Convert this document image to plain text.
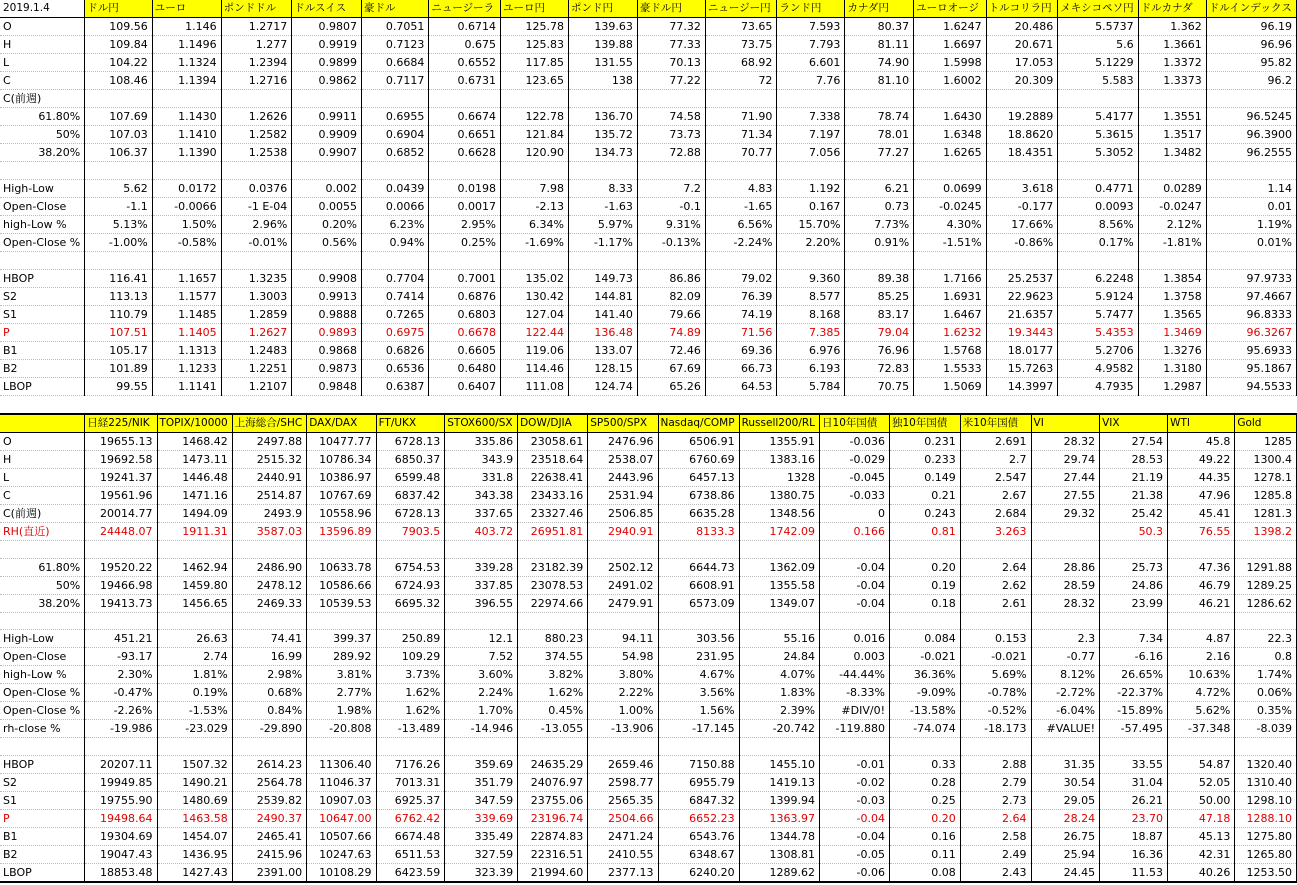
2019.1.4	ドル円	ユーロ	ポンドドル	ドルスイス	豪ドル	ニュージーラ	ユーロ円	ポンド円	豪ドル円	ニュージー円	ランド円	カナダ円	ユーロオージ	トルコリラ円	メキシコペソ円	ドルカナダ	ドルインデックス
O	109.56	1.146	1.2717	0.9807	0.7051	0.6714	125.78	139.63	77.32	73.65	7.593	80.37	1.6247	20.486	5.5737	1.362	96.19
H	109.84	1.1496	1.277	0.9919	0.7123	0.675	125.83	139.88	77.33	73.75	7.793	81.11	1.6697	20.671	5.6	1.3661	96.96
L	104.22	1.1324	1.2394	0.9899	0.6684	0.6552	117.85	131.55	70.13	68.92	6.601	74.90	1.5998	17.053	5.1229	1.3372	95.82
C	108.46	1.1394	1.2716	0.9862	0.7117	0.6731	123.65	138	77.22	72	7.76	81.10	1.6002	20.309	5.583	1.3373	96.2
C(前週)																	
61.80%	107.69	1.1430	1.2626	0.9911	0.6955	0.6674	122.78	136.70	74.58	71.90	7.338	78.74	1.6430	19.2889	5.4177	1.3551	96.5245
50%	107.03	1.1410	1.2582	0.9909	0.6904	0.6651	121.84	135.72	73.73	71.34	7.197	78.01	1.6348	18.8620	5.3615	1.3517	96.3900
38.20%	106.37	1.1390	1.2538	0.9907	0.6852	0.6628	120.90	134.73	72.88	70.77	7.056	77.27	1.6265	18.4351	5.3052	1.3482	96.2555

High-Low	5.62	0.0172	0.0376	0.002	0.0439	0.0198	7.98	8.33	7.2	4.83	1.192	6.21	0.0699	3.618	0.4771	0.0289	1.14
Open-Close	-1.1	-0.0066	-1 E-04	0.0055	0.0066	0.0017	-2.13	-1.63	-0.1	-1.65	0.167	0.73	-0.0245	-0.177	0.0093	-0.0247	0.01
high-Low %	5.13%	1.50%	2.96%	0.20%	6.23%	2.95%	6.34%	5.97%	9.31%	6.56%	15.70%	7.73%	4.30%	17.66%	8.56%	2.12%	1.19%
Open-Close %	-1.00%	-0.58%	-0.01%	0.56%	0.94%	0.25%	-1.69%	-1.17%	-0.13%	-2.24%	2.20%	0.91%	-1.51%	-0.86%	0.17%	-1.81%	0.01%

HBOP	116.41	1.1657	1.3235	0.9908	0.7704	0.7001	135.02	149.73	86.86	79.02	9.360	89.38	1.7166	25.2537	6.2248	1.3854	97.9733
S2	113.13	1.1577	1.3003	0.9913	0.7414	0.6876	130.42	144.81	82.09	76.39	8.577	85.25	1.6931	22.9623	5.9124	1.3758	97.4667
S1	110.79	1.1485	1.2859	0.9888	0.7265	0.6803	127.04	141.40	79.66	74.19	8.168	83.17	1.6467	21.6357	5.7477	1.3565	96.8333
P	107.51	1.1405	1.2627	0.9893	0.6975	0.6678	122.44	136.48	74.89	71.56	7.385	79.04	1.6232	19.3443	5.4353	1.3469	96.3267
B1	105.17	1.1313	1.2483	0.9868	0.6826	0.6605	119.06	133.07	72.46	69.36	6.976	76.96	1.5768	18.0177	5.2706	1.3276	95.6933
B2	101.89	1.1233	1.2251	0.9873	0.6536	0.6480	114.46	128.15	67.69	66.73	6.193	72.83	1.5533	15.7263	4.9582	1.3180	95.1867
LBOP	99.55	1.1141	1.2107	0.9848	0.6387	0.6407	111.08	124.74	65.26	64.53	5.784	70.75	1.5069	14.3997	4.7935	1.2987	94.5533
	日経225/NIK	TOPIX/10000	上海総合/SHC	DAX/DAX	FT/UKX	STOX600/SX	DOW/DJIA	SP500/SPX	Nasdaq/COMP	Russell200/RL	日10年国債	独10年国債	米10年国債	VI	VIX	WTI	Gold
O	19655.13	1468.42	2497.88	10477.77	6728.13	335.86	23058.61	2476.96	6506.91	1355.91	-0.036	0.231	2.691	28.32	27.54	45.8	1285
H	19692.58	1473.11	2515.32	10786.34	6850.37	343.9	23518.64	2538.07	6760.69	1383.16	-0.029	0.233	2.7	29.74	28.53	49.22	1300.4
L	19241.37	1446.48	2440.91	10386.97	6599.48	331.8	22638.41	2443.96	6457.13	1328	-0.045	0.149	2.547	27.44	21.19	44.35	1278.1
C	19561.96	1471.16	2514.87	10767.69	6837.42	343.38	23433.16	2531.94	6738.86	1380.75	-0.033	0.21	2.67	27.55	21.38	47.96	1285.8
C(前週)	20014.77	1494.09	2493.9	10558.96	6728.13	337.65	23327.46	2506.85	6635.28	1348.56	0	0.243	2.684	29.32	25.42	45.41	1281.3
RH(直近)	24448.07	1911.31	3587.03	13596.89	7903.5	403.72	26951.81	2940.91	8133.3	1742.09	0.166	0.81	3.263		50.3	76.55	1398.2

61.80%	19520.22	1462.94	2486.90	10633.78	6754.53	339.28	23182.39	2502.12	6644.73	1362.09	-0.04	0.20	2.64	28.86	25.73	47.36	1291.88
50%	19466.98	1459.80	2478.12	10586.66	6724.93	337.85	23078.53	2491.02	6608.91	1355.58	-0.04	0.19	2.62	28.59	24.86	46.79	1289.25
38.20%	19413.73	1456.65	2469.33	10539.53	6695.32	396.55	22974.66	2479.91	6573.09	1349.07	-0.04	0.18	2.61	28.32	23.99	46.21	1286.62

High-Low	451.21	26.63	74.41	399.37	250.89	12.1	880.23	94.11	303.56	55.16	0.016	0.084	0.153	2.3	7.34	4.87	22.3
Open-Close	-93.17	2.74	16.99	289.92	109.29	7.52	374.55	54.98	231.95	24.84	0.003	-0.021	-0.021	-0.77	-6.16	2.16	0.8
high-Low %	2.30%	1.81%	2.98%	3.81%	3.73%	3.60%	3.82%	3.80%	4.67%	4.07%	-44.44%	36.36%	5.69%	8.12%	26.65%	10.63%	1.74%
Open-Close %	-0.47%	0.19%	0.68%	2.77%	1.62%	2.24%	1.62%	2.22%	3.56%	1.83%	-8.33%	-9.09%	-0.78%	-2.72%	-22.37%	4.72%	0.06%
Open-Close %	-2.26%	-1.53%	0.84%	1.98%	1.62%	1.70%	0.45%	1.00%	1.56%	2.39%	#DIV/0!	-13.58%	-0.52%	-6.04%	-15.89%	5.62%	0.35%
rh-close %	-19.986	-23.029	-29.890	-20.808	-13.489	-14.946	-13.055	-13.906	-17.145	-20.742	-119.880	-74.074	-18.173	#VALUE!	-57.495	-37.348	-8.039

HBOP	20207.11	1507.32	2614.23	11306.40	7176.26	359.69	24635.29	2659.46	7150.88	1455.10	-0.01	0.33	2.88	31.35	33.55	54.87	1320.40
S2	19949.85	1490.21	2564.78	11046.37	7013.31	351.79	24076.97	2598.77	6955.79	1419.13	-0.02	0.28	2.79	30.54	31.04	52.05	1310.40
S1	19755.90	1480.69	2539.82	10907.03	6925.37	347.59	23755.06	2565.35	6847.32	1399.94	-0.03	0.25	2.73	29.05	26.21	50.00	1298.10
P	19498.64	1463.58	2490.37	10647.00	6762.42	339.69	23196.74	2504.66	6652.23	1363.97	-0.04	0.20	2.64	28.24	23.70	47.18	1288.10
B1	19304.69	1454.07	2465.41	10507.66	6674.48	335.49	22874.83	2471.24	6543.76	1344.78	-0.04	0.16	2.58	26.75	18.87	45.13	1275.80
B2	19047.43	1436.95	2415.96	10247.63	6511.53	327.59	22316.51	2410.55	6348.67	1308.81	-0.05	0.11	2.49	25.94	16.36	42.31	1265.80
LBOP	18853.48	1427.43	2391.00	10108.29	6423.59	323.39	21994.60	2377.13	6240.20	1289.62	-0.06	0.08	2.43	24.45	11.53	40.26	1253.50
